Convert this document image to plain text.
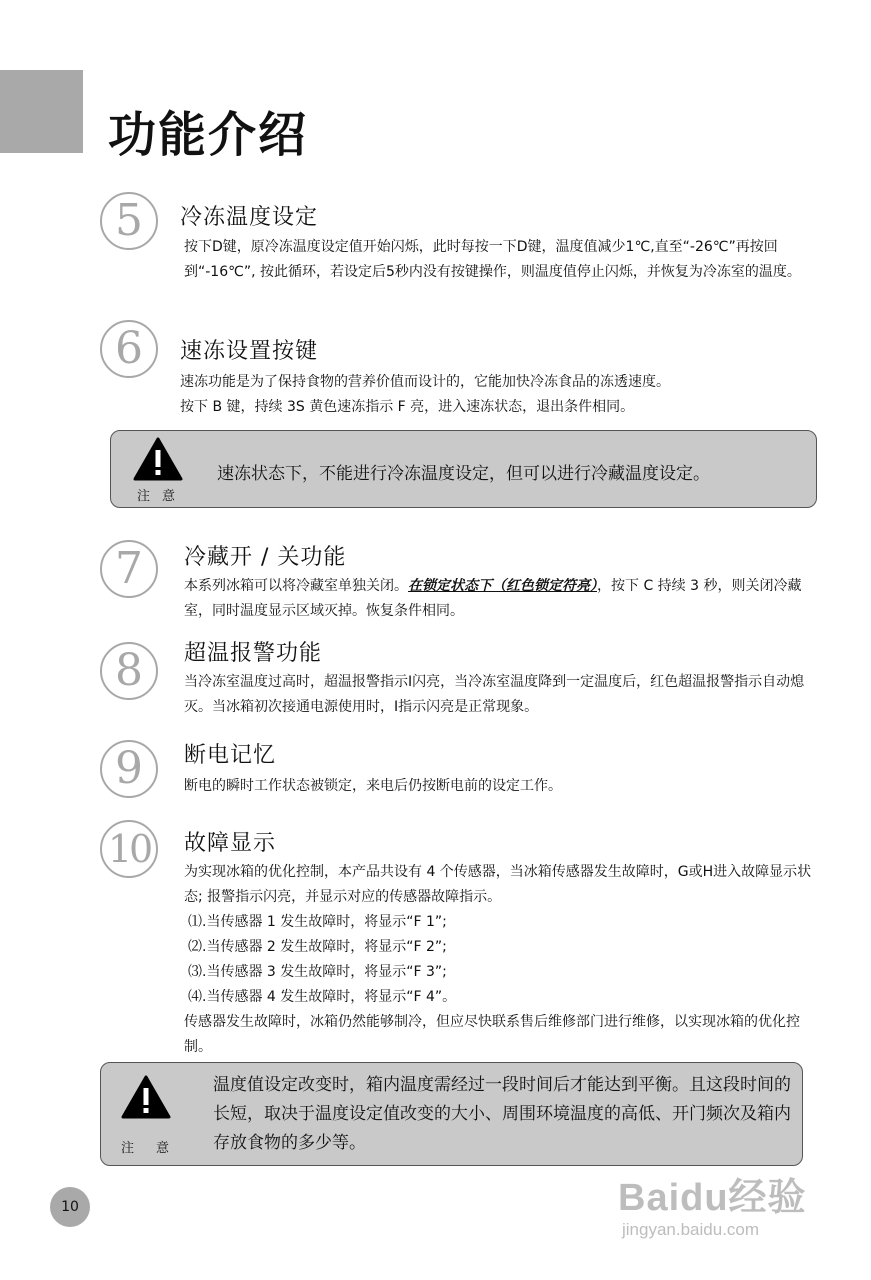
功能介绍
5	冷冻温度设定

按下D键，原冷冻温度设定值开始闪烁，此时每按一下D键，温度值减少1℃,直至“-26℃”再按回到“-16℃”, 按此循环，若设定后5秒内没有按键操作，则温度值停止闪烁，并恢复为冷冻室的温度。

6	速冻设置按键

速冻功能是为了保持食物的营养价值而设计的，它能加快冷冻食品的冻透速度。

按下 B 键，持续 3S 黄色速冻指示 F 亮，进入速冻状态，退出条件相同。

注意
速冻状态下，不能进行冷冻温度设定，但可以进行冷藏温度设定。
7	冷藏开 / 关功能

本系列冰箱可以将冷藏室单独关闭。在锁定状态下（红色锁定符亮），按下 C 持续 3 秒，则关闭冷藏室，同时温度显示区域灭掉。恢复条件相同。

8	超温报警功能

当冷冻室温度过高时，超温报警指示I闪亮，当冷冻室温度降到一定温度后，红色超温报警指示自动熄灭。当冰箱初次接通电源使用时，I指示闪亮是正常现象。

9	断电记忆

断电的瞬时工作状态被锁定，来电后仍按断电前的设定工作。

10	故障显示

为实现冰箱的优化控制，本产品共设有 4 个传感器，当冰箱传感器发生故障时，G或H进入故障显示状态; 报警指示闪亮，并显示对应的传感器故障指示。

⑴.当传感器 1 发生故障时，将显示“F 1”;

⑵.当传感器 2 发生故障时，将显示“F 2”;

⑶.当传感器 3 发生故障时，将显示“F 3”;

⑷.当传感器 4 发生故障时，将显示“F 4”。

传感器发生故障时，冰箱仍然能够制冷，但应尽快联系售后维修部门进行维修，以实现冰箱的优化控制。

注意
温度值设定改变时，箱内温度需经过一段时间后才能达到平衡。且这段时间的长短，取决于温度设定值改变的大小、周围环境温度的高低、开门频次及箱内存放食物的多少等。
10	Baidu经验
jingyan.baidu.com
